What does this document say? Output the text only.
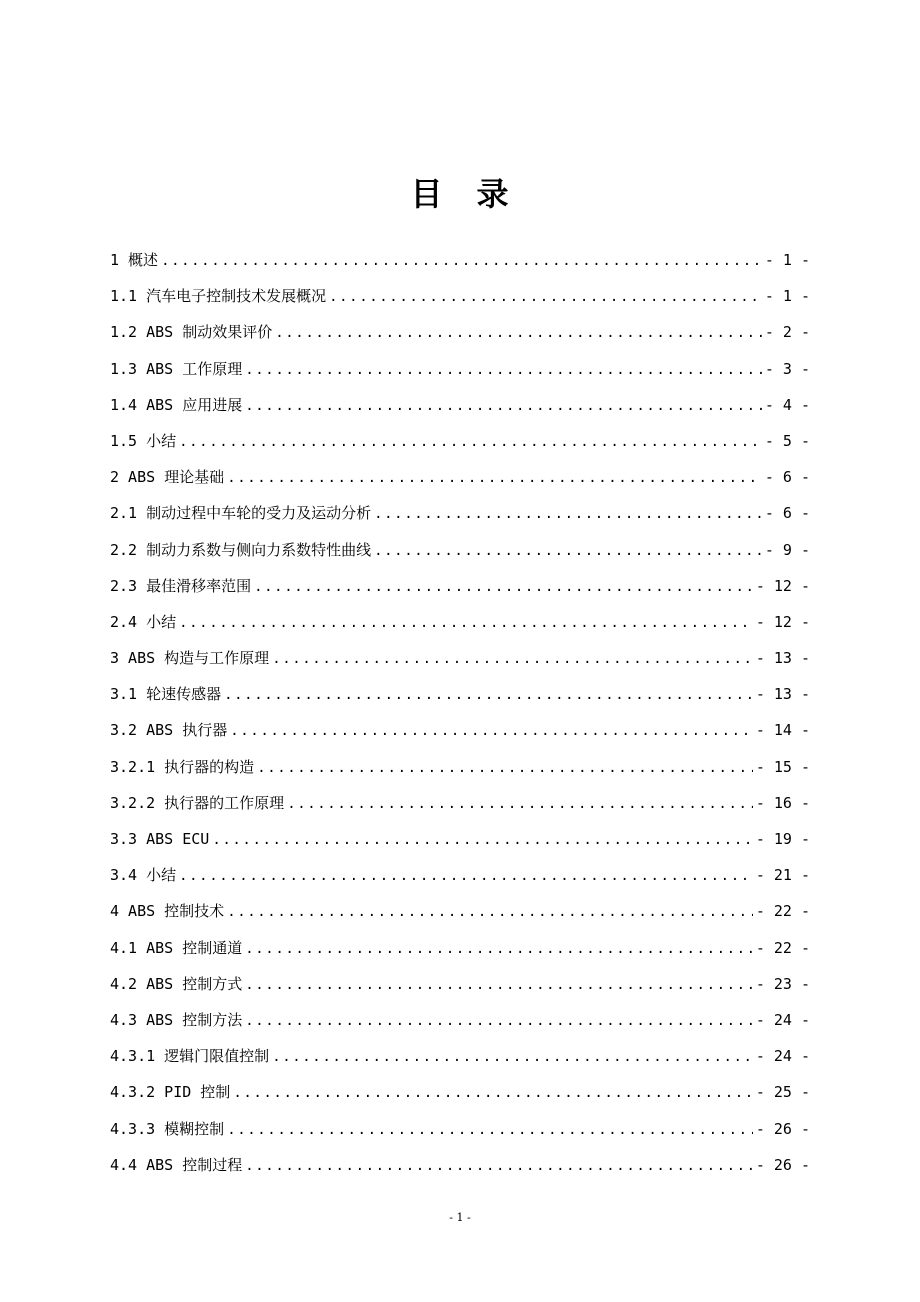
目　录
1 概述 .....	- 1 -
1.1 汽车电子控制技术发展概况 .....	- 1 -
1.2 ABS 制动效果评价 .....	- 2 -
1.3 ABS 工作原理 .....	- 3 -
1.4 ABS 应用进展 .....	- 4 -
1.5 小结 .....	- 5 -
2 ABS 理论基础 .....	- 6 -
2.1 制动过程中车轮的受力及运动分析 .....	- 6 -
2.2 制动力系数与侧向力系数特性曲线 .....	- 9 -
2.3 最佳滑移率范围 .....	- 12 -
2.4 小结 .....	- 12 -
3 ABS 构造与工作原理 .....	- 13 -
3.1 轮速传感器 .....	- 13 -
3.2 ABS 执行器 .....	- 14 -
3.2.1 执行器的构造 .....	- 15 -
3.2.2 执行器的工作原理 .....	- 16 -
3.3 ABS ECU .....	- 19 -
3.4 小结 .....	- 21 -
4 ABS 控制技术 .....	- 22 -
4.1 ABS 控制通道 .....	- 22 -
4.2 ABS 控制方式 .....	- 23 -
4.3 ABS 控制方法 .....	- 24 -
4.3.1 逻辑门限值控制 .....	- 24 -
4.3.2 PID 控制 .....	- 25 -
4.3.3 模糊控制 .....	- 26 -
4.4 ABS 控制过程 .....	- 26 -
- 1 -
